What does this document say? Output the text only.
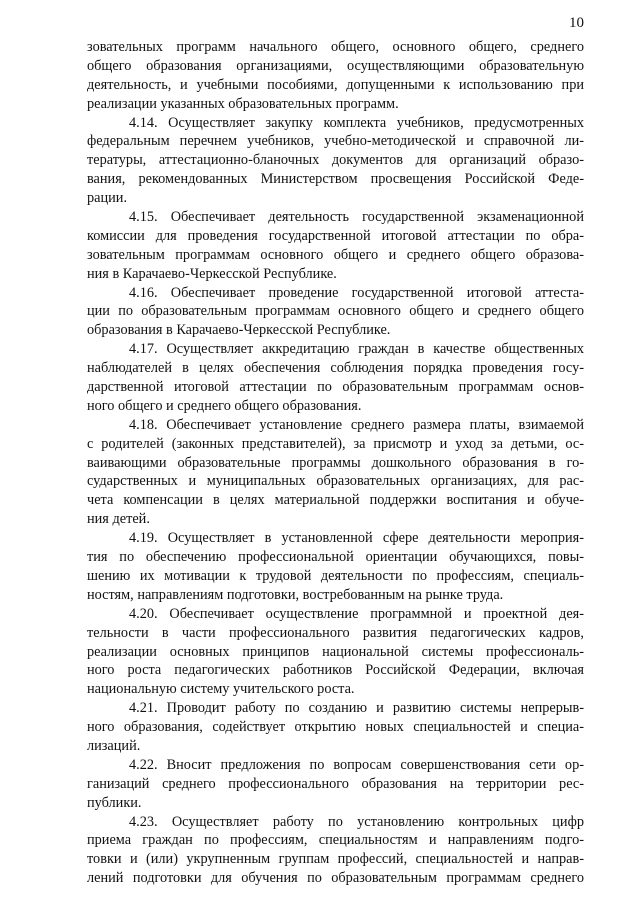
10
зовательных программ начального общего, основного общего, среднего
общего образования организациями, осуществляющими образовательную
деятельность, и учебными пособиями, допущенными к использованию при
реализации указанных образовательных программ.
4.14. Осуществляет закупку комплекта учебников, предусмотренных
федеральным перечнем учебников, учебно-методической и справочной ли-
тературы, аттестационно-бланочных документов для организаций образо-
вания, рекомендованных Министерством просвещения Российской Феде-
рации.
4.15. Обеспечивает деятельность государственной экзаменационной
комиссии для проведения государственной итоговой аттестации по обра-
зовательным программам основного общего и среднего общего образова-
ния в Карачаево-Черкесской Республике.
4.16. Обеспечивает проведение государственной итоговой аттеста-
ции по образовательным программам основного общего и среднего общего
образования в Карачаево-Черкесской Республике.
4.17. Осуществляет аккредитацию граждан в качестве общественных
наблюдателей в целях обеспечения соблюдения порядка проведения госу-
дарственной итоговой аттестации по образовательным программам основ-
ного общего и среднего общего образования.
4.18. Обеспечивает установление среднего размера платы, взимаемой
с родителей (законных представителей), за присмотр и уход за детьми, ос-
ваивающими образовательные программы дошкольного образования в го-
сударственных и муниципальных образовательных организациях, для рас-
чета компенсации в целях материальной поддержки воспитания и обуче-
ния детей.
4.19. Осуществляет в установленной сфере деятельности мероприя-
тия по обеспечению профессиональной ориентации обучающихся, повы-
шению их мотивации к трудовой деятельности по профессиям, специаль-
ностям, направлениям подготовки, востребованным на рынке труда.
4.20. Обеспечивает осуществление программной и проектной дея-
тельности в части профессионального развития педагогических кадров,
реализации основных принципов национальной системы профессиональ-
ного роста педагогических работников Российской Федерации, включая
национальную систему учительского роста.
4.21. Проводит работу по созданию и развитию системы непрерыв-
ного образования, содействует открытию новых специальностей и специа-
лизаций.
4.22. Вносит предложения по вопросам совершенствования сети ор-
ганизаций среднего профессионального образования на территории рес-
публики.
4.23. Осуществляет работу по установлению контрольных цифр
приема граждан по профессиям, специальностям и направлениям подго-
товки и (или) укрупненным группам профессий, специальностей и направ-
лений подготовки для обучения по образовательным программам среднего
